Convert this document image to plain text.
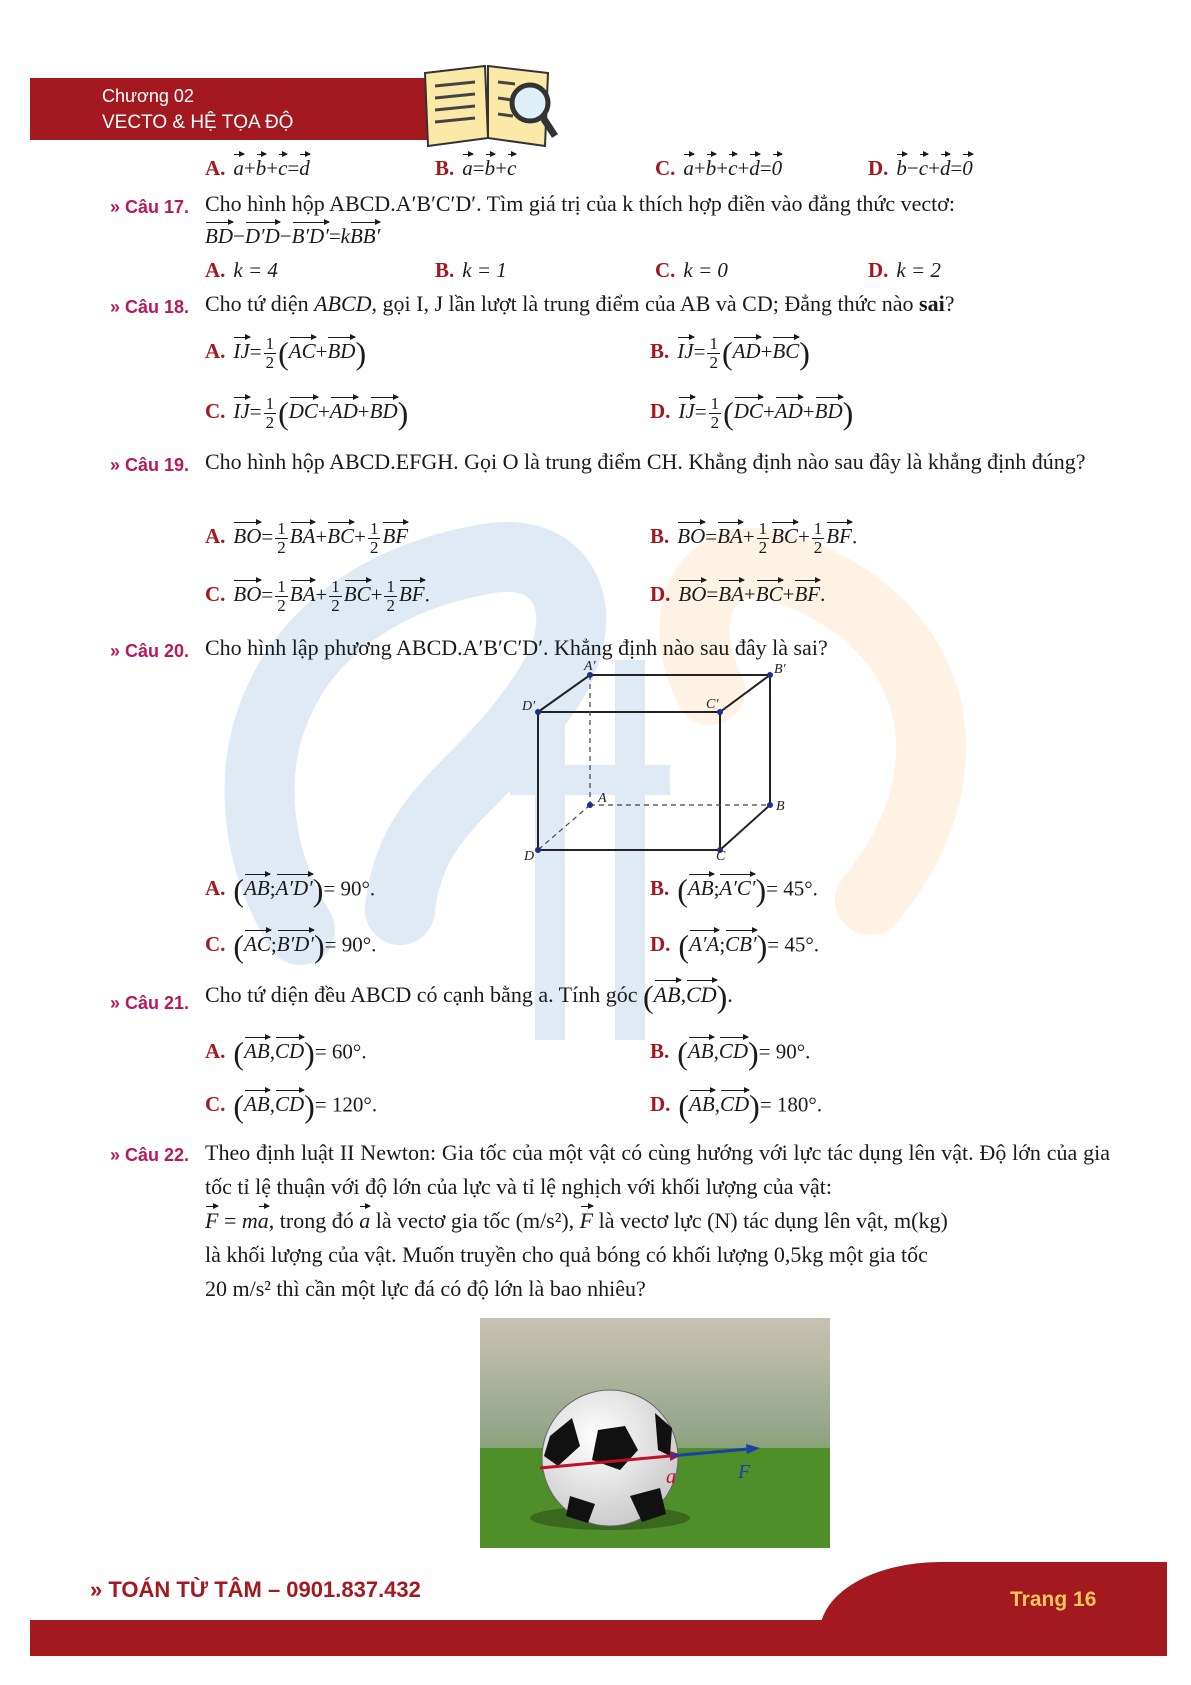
Chương 02
VECTO & HỆ TỌA ĐỘ
A. a+b+c=d	B. a=b+c	C. a+b+c+d=0	D. b−c+d=0
» Câu 17. Cho hình hộp ABCD.A′B′C′D′. Tìm giá trị của k thích hợp điền vào đẳng thức vectơ:
BD−D′D−B′D′=kBB′
A. k = 4	B. k = 1	C. k = 0	D. k = 2
» Câu 18. Cho tứ diện ABCD, gọi I, J lần lượt là trung điểm của AB và CD; Đẳng thức nào sai?
A. $IJ= \frac{1}{2} (AC+BD)$	B. $IJ= \frac{1}{2} (AD+BC)$
C. $IJ= \frac{1}{2} (DC+AD+BD)$	D. $IJ= \frac{1}{2} (DC+AD+BD)$
» Câu 19. Cho hình hộp ABCD.EFGH. Gọi O là trung điểm CH. Khẳng định nào sau đây là khẳng định đúng?
A. $BO= \frac{1}{2} BA+BC+ \frac{1}{2}$ BF	B. $BO=BA+ \frac{1}{2} BC+ \frac{1}{2}$ BF.
C. $BO= \frac{1}{2} BA+ \frac{1}{2} BC+ \frac{1}{2}$ BF.	D. BO=BA+BC+BF.
» Câu 20. Cho hình lập phương ABCD.A′B′C′D′. Khẳng định nào sau đây là sai?
A′	B′
C′
D′
A
B
C
D
A. (AB;A′D′)= 90°.	B. (AB;A′C′)= 45°.
C. (AC;B′D′)= 90°.	D. (A′A;CB′)= 45°.
» Câu 21. Cho tứ diện đều ABCD có cạnh bằng a. Tính góc (AB,CD).
A. (AB,CD)= 60°.	B. (AB,CD)= 90°.
C. (AB,CD)= 120°.	D. (AB,CD)= 180°.
» Câu 22. Theo định luật II Newton: Gia tốc của một vật có cùng hướng với lực tác dụng lên vật. Độ lớn của gia tốc tỉ lệ thuận với độ lớn của lực và tỉ lệ nghịch với khối lượng của vật:
F = ma, trong đó a là vectơ gia tốc (m/s²), F là vectơ lực (N) tác dụng lên vật, m(kg)
là khối lượng của vật. Muốn truyền cho quả bóng có khối lượng 0,5kg một gia tốc
20 m/s² thì cần một lực đá có độ lớn là bao nhiêu?
a	F
» TOÁN TỪ TÂM – 0901.837.432	Trang 16
